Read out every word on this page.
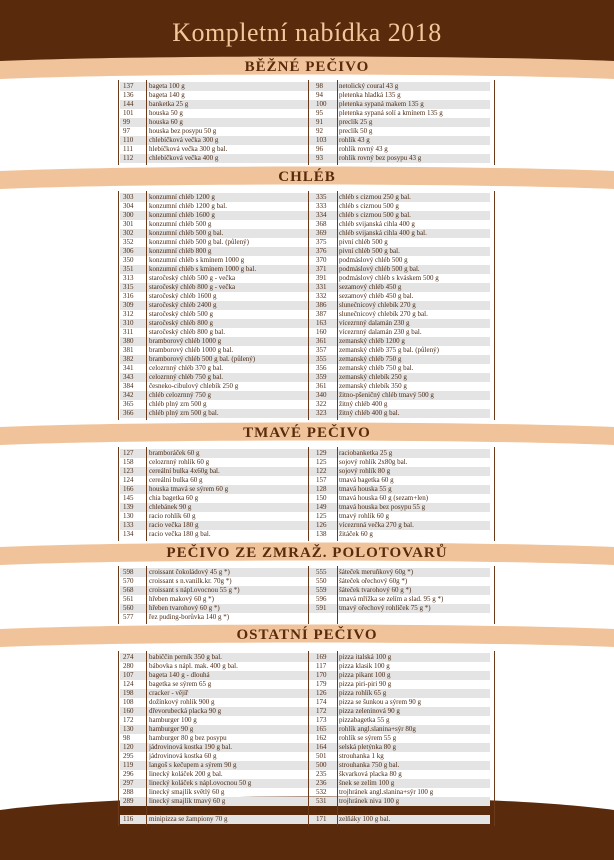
Kompletní nabídka 2018
BĚŽNÉ PEČIVO
137	bageta 100 g	98	netolický coural 43 g
136	bageta 140 g	94	pletenka hladká 135 g
144	banketka 25 g	100	pletenka sypaná makem 135 g
101	houska 50 g	95	pletenka sypaná solí a kmínem 135 g
99	houska 60 g	91	preclík 25 g
97	houska bez posypu 50 g	92	preclík 50 g
110	chlebíčková večka 300 g	103	rohlík 43 g
111	hlebíčková večka 300 g bal.	96	rohlík rovný 43 g
112	chlebíčková večka 400 g	93	rohlík rovný bez posypu 43 g
CHLÉB
303	konzumní chléb 1200 g	335	chléb s cizrnou 250 g bal.
304	konzumní chléb 1200 g bal.	333	chléb s cizrnou 500 g
300	konzumní chléb 1600 g	334	chléb s cizrnou 500 g bal.
301	konzumní chléb 500 g	368	chléb svijanská cihla 400 g
302	konzumní chléb 500 g bal.	369	chléb svijanská cihla 400 g bal.
352	konzumní chléb 500 g bal. (půlený)	375	pivní chléb 500 g
306	konzumní chléb 800 g	376	pivní chléb 500 g bal.
350	konzumní chléb s kmínem 1000 g	370	podmáslový chléb 500 g
351	konzumní chléb s kmínem 1000 g bal.	371	podmáslový chléb 500 g bal.
313	staročeský chléb 500 g - večka	391	podmáslový chléb s kváskem 500 g
315	staročeský chléb 800 g - večka	331	sezamový chléb 450 g
316	staročeský chléb 1600 g	332	sezamový chléb 450 g bal.
309	staročeský chléb 2400 g	386	slunečnicový chlebík 270 g
312	staročeský chléb 500 g	387	slunečnicový chlebík 270 g bal.
310	staročeský chléb 800 g	163	vícezrnný dalamán 230 g
311	staročeský chléb 800 g bal.	160	vícezrnný dalamán 230 g bal.
380	bramborový chléb 1000 g	361	zemanský chléb 1200 g
381	bramborový chléb 1000 g bal.	357	zemanský chléb 375 g bal. (půlený)
382	bramborový chléb 500 g bal. (půlený)	355	zemanský chléb 750 g
341	celozrnný chléb 370 g bal.	356	zemanský chléb 750 g bal.
343	celozrnný chléb 750 g bal.	359	zemanský chlebík 250 g
384	česneko-cibulový chlebík 250 g	361	zemanský chlebík 350 g
342	chléb celozrnný 750 g	340	žitno-pšeničný chléb tmavý 500 g
365	chléb plný zrn 500 g	322	žitný chléb 400 g
366	chléb plný zrn 500 g bal.	323	žitný chléb 400 g bal.
TMAVÉ PEČIVO
127	bramboráček 60 g	129	raciobanketka 25 g
158	celozrnný rohlík 60 g	125	sojový rohlík 2x80g bal.
123	cereální bulka 4x60g bal.	122	sojový rohlík 80 g
124	cereální bulka 60 g	157	tmavá bagetka 60 g
166	houska tmavá se sýrem 60 g	128	tmavá houska 55 g
145	chia bagetka 60 g	150	tmavá houska 60 g (sezam+len)
139	chlebánek 90 g	149	tmavá houska bez posypu 55 g
130	racio rohlík 60 g	125	tmavý rohlík 60 g
133	racio večka 180 g	126	vícezrnná večka 270 g bal.
134	racio večka 180 g bal.	138	žitáček 60 g
PEČIVO ZE ZMRAŽ. POLOTOVARŮ
598	croissant čokoládový 45 g *)	555	šáteček meruňkový 60g *)
570	croissant s n.vanilk.kr. 70g *)	550	šáteček ořechový 60g *)
568	croissant s nápl.ovocnou 55 g *)	559	šáteček tvarohový 60 g *)
561	hřeben makový 60 g *)	596	tmavá mřížka se zelím a slad. 95 g *)
560	hřeben tvarohový 60 g *)	591	tmavý ořechový rohlíček 75 g *)
577	řez puding-borůvka 140 g *)
OSTATNÍ PEČIVO
274	babiččin perník 350 g bal.	169	pizza italská 100 g
280	bábovka s nápl. mak. 400 g bal.	117	pizza klasik 100 g
107	bageta 140 g - dlouhá	170	pizza pikant 100 g
124	bagetka se sýrem 65 g	179	pizza piri-piri 90 g
198	cracker - vějíř	126	pizza rohlík 65 g
108	dožínkový rohlík 900 g	174	pizza se šunkou a sýrem 90 g
160	dřevorubecká placka 90 g	172	pizza zeleninová 90 g
172	hamburger 100 g	173	pizzabagetka 55 g
130	hamburger 90 g	165	rohlík angl.slanina+sýr 80g
98	hamburger 80 g bez posypu	162	rohlík se sýrem 55 g
120	jádrovinová kostka 190 g bal.	164	selská pletýnka 80 g
295	jádrovinová kostka 60 g	501	strouhanka 1 kg
119	langoš s kečupem a sýrem 90 g	500	strouhanka 750 g bal.
296	linecký koláček 200 g bal.	235	škvarková placka 80 g
297	linecký koláček s nápl.ovocnou 50 g	236	šnek se zelím 100 g
288	linecký smajlík světlý 60 g	532	trojhránek angl.slanina+sýr 100 g
289	linecký smajlík tmavý 60 g	531	trojhránek niva 100 g
115	minipizza se salámem 70 g	121	zelňák 85 g
116	minipizza se žampiony 70 g	171	zelňáky 100 g bal.
